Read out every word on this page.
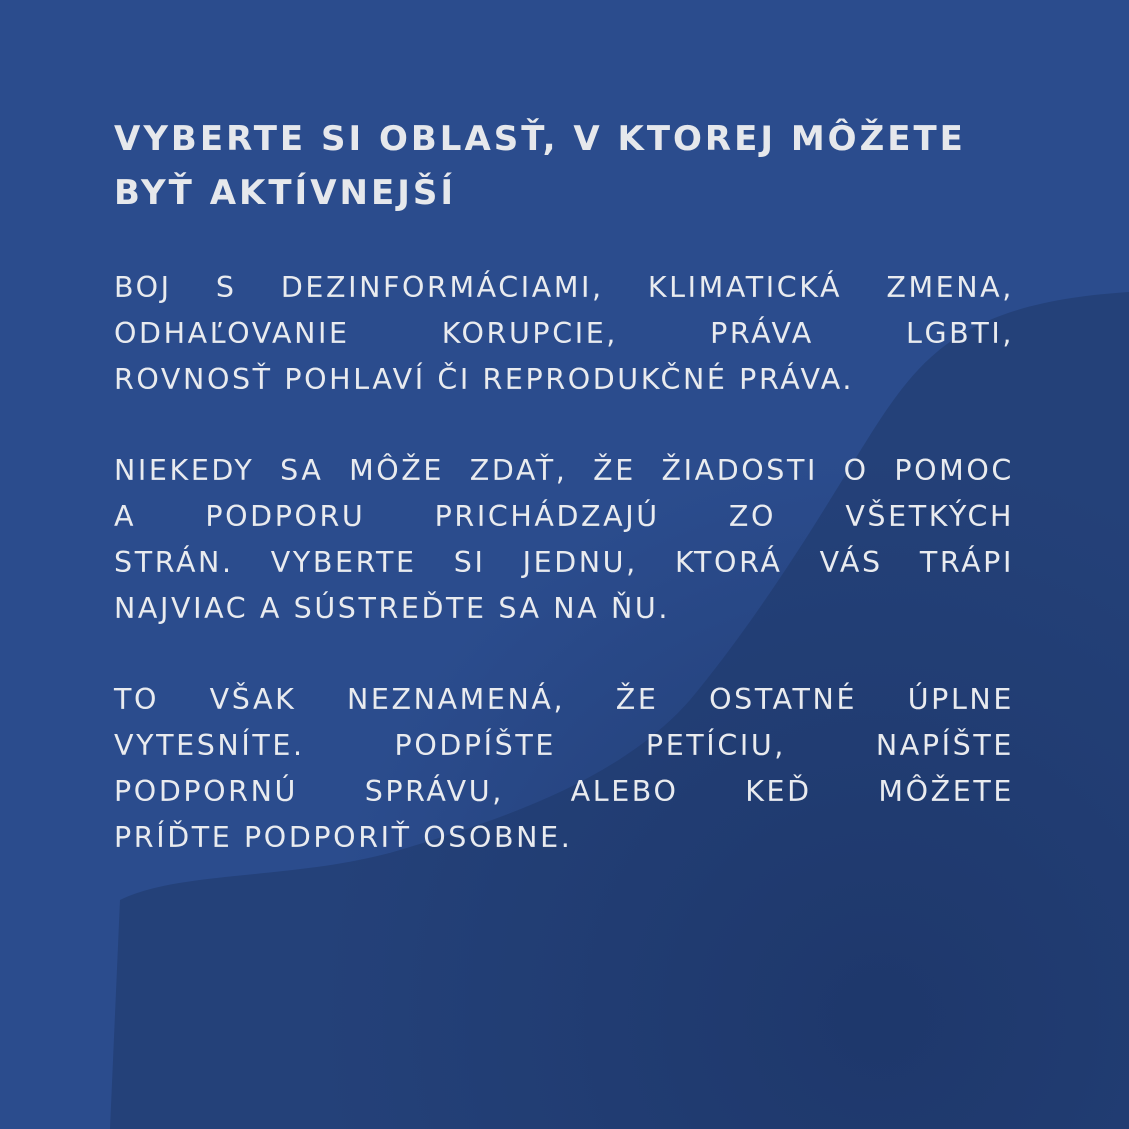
VYBERTE SI OBLASŤ, V KTOREJ MÔŽETE
BYŤ AKTÍVNEJŠÍ
BOJ S DEZINFORMÁCIAMI, KLIMATICKÁ ZMENA,
ODHAĽOVANIE	KORUPCIE,	PRÁVA	LGBTI,
ROVNOSŤ POHLAVÍ ČI REPRODUKČNÉ PRÁVA.
NIEKEDY SA MÔŽE ZDAŤ, ŽE ŽIADOSTI O POMOC
A PODPORU PRICHÁDZAJÚ ZO VŠETKÝCH
STRÁN. VYBERTE SI JEDNU, KTORÁ VÁS TRÁPI
NAJVIAC A SÚSTREĎTE SA NA ŇU.
TO VŠAK NEZNAMENÁ, ŽE OSTATNÉ ÚPLNE
VYTESNÍTE.	PODPÍŠTE	PETÍCIU,	NAPÍŠTE
PODPORNÚ SPRÁVU, ALEBO KEĎ MÔŽETE
PRÍĎTE PODPORIŤ OSOBNE.
